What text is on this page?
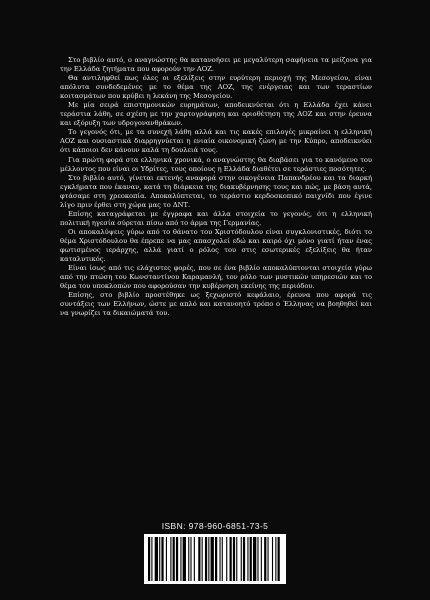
Στο βιβλίο αυτό, ο αναγνώστης θα κατανοήσει με μεγαλύτερη σαφήνεια τα μείζονα για την Ελλάδα ζητήματα που αφορούν την ΑΟΖ.

Θα αντιληφθεί πως όλες οι εξελίξεις στην ευρύτερη περιοχή της Μεσογείου, είναι απόλυτα συνδεδεμένες με το θέμα της ΑΟΖ, της ενέργειας και των τεραστίων κοιτασμάτων που κρύβει η λεκάνη της Μεσογείου.

Με μία σειρά επιστημονικών ευρημάτων, αποδεικνύεται ότι η Ελλάδα έχει κάνει τεράστια λάθη, σε σχέση με την χαρτογράφηση και οριοθέτηση της ΑΟΖ και στην έρευνα και εξόρυξη των υδρογονανθράκων.

Το γεγονός ότι, με τα συνεχή λάθη αλλά και τις κακές επιλογές μικραίνει η ελληνική ΑΟΖ και ουσιαστικά διαρρηγνύεται η ενιαία οικονομική ζώνη με την Κύπρο, αποδεικνύει ότι κάποιοι δεν κάνουν καλά τη δουλειά τους.

Για πρώτη φορά στα ελληνικά χρονικά, ο αναγνώστης θα διαβάσει για το κανόμενο του μέλλοντος που είναι οι Υδρίτες, τους οποίους η Ελλάδα διαθέτει σε τεράστιες ποσότητες.

Στο βιβλίο αυτό, γίνεται εκτενής αναφορά στην οικογένεια Παπανδρέου και τα διαρκή εγκλήματα που έκαναν, κατά τη διάρκεια της διακυβέρνησης τους και πώς, με βάση αυτά, φτάσαμε στη χρεοκοπία. Αποκαλύπτεται, το τεράστιο κερδοσκοπικό παιχνίδι που έγινε λίγο πριν έρθει στη χώρα μας το ΔΝΤ.

Επίσης καταγράφεται με έγγραφα και άλλα στοιχεία το γεγονός, ότι η ελληνική πολιτική ηγεσία σύρεται πίσω από το άρμα της Γερμανίας.

Οι αποκαλύψεις γύρω από το θάνατο του Χριστόδουλου είναι συγκλονιστικές, διότι το θέμα Χριστόδουλου θα έπρεπε να μας απασχολεί εδώ και καιρό όχι μόνο γιατί ήταν ένας φωτισμένος ιεράρχης, αλλά γιατί ο ρόλος του στις εσωτερικές εξελίξεις θα ήταν καταλυτικός.

Είναι ίσως από τις ελάχιστες φορές, που σε ένα βιβλίο αποκαλύπτονται στοιχεία γύρω από την πτώση του Κωνσταντίνου Καραμανλή, τον ρόλο των μυστικών υπηρεσιών και το θέμα του υποκλοπών που αφορούσαν την κυβέρνηση εκείνης της περιόδου.

Επίσης, στο βιβλίο προστέθηκε ως ξεχωριστό κεφάλαιο, έρευνα που αφορά τις συντάξεις των Ελλήνων, ώστε με απλό και κατανοητό τρόπο ο Έλληνας να βοηθηθεί και να γνωρίζει τα δικαιώματά του.

ISBN: 978-960-6851-73-5
